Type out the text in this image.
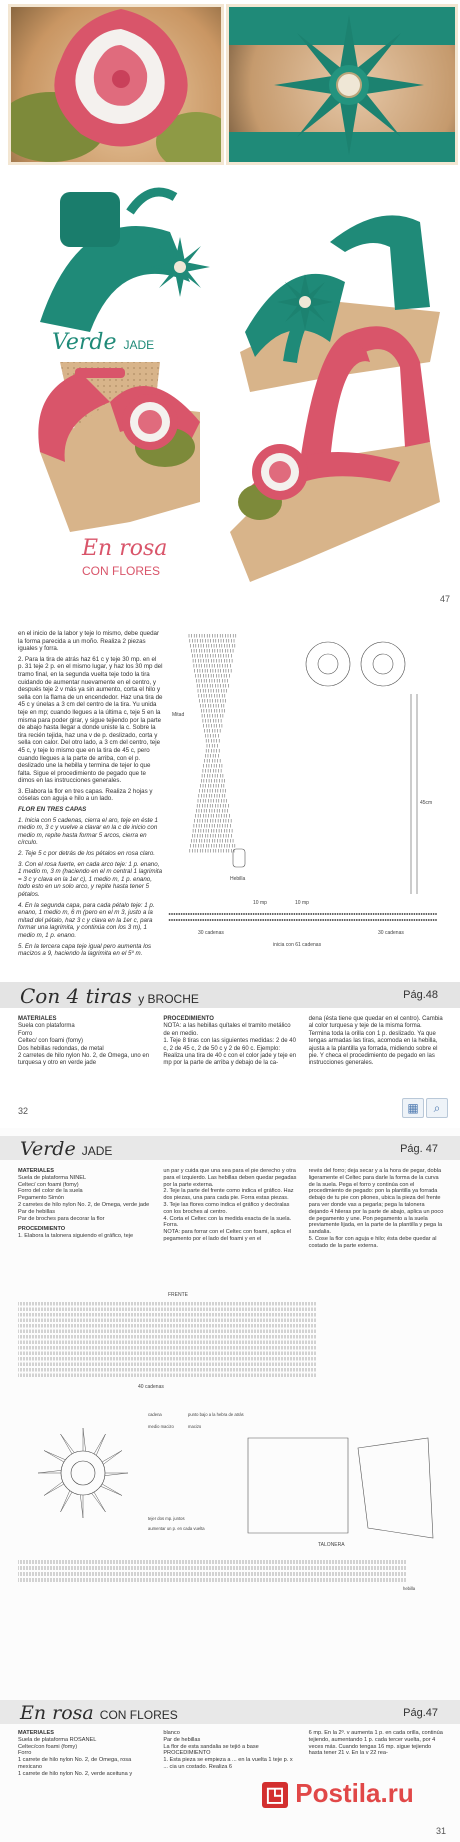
Verde JADE
En rosa
CON FLORES
47

en el inicio de la labor y teje lo mismo, debe quedar la forma parecida a un moño. Realiza 2 piezas iguales y forra.

2. Para la tira de atrás haz 61 c y teje 30 mp. en el p. 31 teje 2 p. en el mismo lugar, y haz los 30 mp del tramo final, en la segunda vuelta teje todo la tira cuidando de aumentar nuevamente en el centro, y después teje 2 v más ya sin aumento, corta el hilo y sella con la flama de un encendedor. Haz una tira de 45 c y únelas a 3 cm del centro de la tira. Yu unida teje en mp; cuando llegues a la última c, teje 5 en la misma para poder girar, y sigue tejiendo por la parte de abajo hasta llegar a donde uniste la c. Sobre la tira recién tejida, haz una v de p. deslizado, corta y sella con calor. Del otro lado, a 3 cm del centro, teje 45 c, y teje lo mismo que en la tira de 45 c, pero cuando llegues a la parte de arriba, con el p. deslizado une la hebilla y termina de tejer lo que falta. Sigue el procedimiento de pegado que te dimos en las instrucciones generales.

3. Elabora la flor en tres capas. Realiza 2 hojas y cóselas con aguja e hilo a un lado.

FLOR EN TRES CAPAS

1. Inicia con 5 cadenas, cierra el aro, teje en éste 1 medio m, 3 c y vuelve a clavar en la c de inicio con medio m, repite hasta formar 5 arcos, cierra en círculo.

2. Teje 5 c por detrás de los pétalos en rosa claro.

3. Con el rosa fuerte, en cada arco teje: 1 p. enano, 1 medio m, 3 m (haciendo en el m central 1 lagrimita = 3 c y clava en la 1er c), 1 medio m, 1 p. enano, todo esto en un solo arco, y repite hasta tener 5 pétalos.

4. En la segunda capa, para cada pétalo teje: 1 p. enano, 1 medio m, 6 m (pero en el m 3, justo a la mitad del pétalo, haz 3 c y clava en la 1er c, para formar una lagrimita, y continúa con los 3 m), 1 medio m, 1 p. enano.

5. En la tercera capa teje igual pero aumenta los macizos a 9, haciendo la lagrimita en el 5º m.

Hebilla
Mitad
10 mp	10 mp
30 cadenas	30 cadenas
inicia con 61 cadenas
45cm
Con 4 tiras y BROCHE	Pág.48
MATERIALES
Suela con plataforma
Forro
Celtec/ con foami (fomy)
Dos hebillas redondas, de metal
2 carretes de hilo nylon No. 2, de Omega, uno en turquesa y otro en verde jade
PROCEDIMIENTO
NOTA: a las hebillas quítales el tramito metálico de en medio.
1. Teje 8 tiras con las siguientes medidas: 2 de 40 c, 2 de 45 c, 2 de 50 c y 2 de 60 c. Ejemplo:
Realiza una tira de 40 c con el color jade y teje en mp por la parte de arriba y debajo de la ca-
dena (ésta tiene que quedar en el centro). Cambia al color turquesa y teje de la misma forma. Termina toda la orilla con 1 p. deslizado. Ya que tengas armadas las tiras, acomoda en la hebilla, ajusta a la plantilla ya forrada, midiendo sobre el pie. Y checa el procedimiento de pegado en las instrucciones generales.
32	▦	⌕
Verde JADE	Pág. 47
MATERIALES
Suela de plataforma NINEL
Celtec/ con foami (fomy)
Forro del color de la suela
Pegamento Simón
2 carretes de hilo nylon No. 2, de Omega, verde jade
Par de hebillas
Par de broches para decorar la flor
PROCEDIMIENTO
1. Elabora la talonera siguiendo el gráfico, teje
un par y cuida que una sea para el pie derecho y otra para el izquierdo. Las hebillas deben quedar pegadas por la parte externa.
2. Teje la parte del frente como indica el gráfico. Haz dos piezas, una para cada pie. Forra estas piezas.
3. Teje las flores como indica el gráfico y decóralas con los broches al centro.
4. Corta el Celtec con la medida exacta de la suela. Forra.
NOTA: para forrar con el Celtec con foami, aplica el pegamento por el lado del foami y en el
revés del forro; deja secar y a la hora de pegar, dobla ligeramente el Celtec para darle la forma de la curva de la suela. Pega el forro y continúa con el procedimiento de pegado: pon la plantilla ya forrada debajo de tu pie con pliones, ubica la pieza del frente para ver donde vas a pegarla; pega la talonera dejando 4 hileras por la parte de abajo, aplica un poco de pegamento y une. Pon pegamento a la suela previamente lijada, en la parte de la plantilla y pega la sandalia.
5. Cose la flor con aguja e hilo; ésta debe quedar al costado de la parte externa.
FRENTE
40 cadenas
cadena	punto bajo a la hebra de atrás
medio macizo	macizo
tejer dos mp. juntos
aumentar un p. en cada vuelta
TALONERA
hebilla
En rosa CON FLORES	Pág.47
MATERIALES
Suela de plataforma ROSANEL
Celtec/con foami (fomy)
Forro
1 carrete de hilo nylon No. 2, de Omega, rosa mexicano
1 carrete de hilo nylon No. 2, verde aceituna y
blanco
Par de hebillas
La flor de esta sandalia se tejió a base
PROCEDIMIENTO
1. Esta pieza se empieza a ... en la vuelta 1 teje p. x ... cia un costado. Realiza 6
6 mp. En la 2º. v aumenta 1 p. en cada orilla, continúa tejiendo, aumentando 1 p. cada tercer vuelta, por 4 veces más. Cuando tengas 16 mp. sigue tejiendo hasta tener 21 v. En la v 22 rea-
◳ Postila.ru
31
